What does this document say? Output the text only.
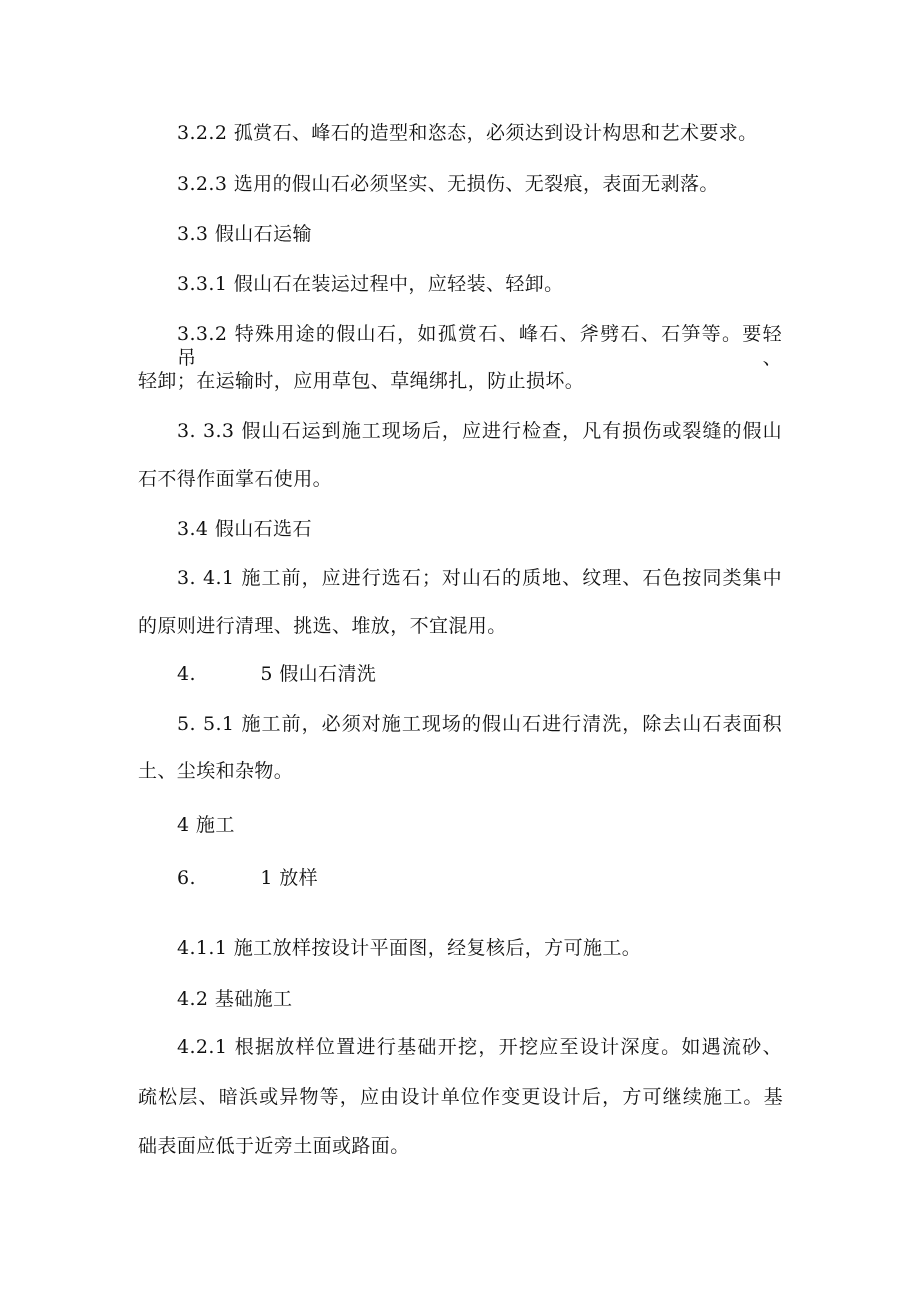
3.2.2 孤赏石、峰石的造型和恣态，必须达到设计构思和艺术要求。
3.2.3 选用的假山石必须坚实、无损伤、无裂痕，表面无剥落。
3.3 假山石运输
3.3.1 假山石在装运过程中，应轻装、轻卸。
3.3.2 特殊用途的假山石，如孤赏石、峰石、斧劈石、石笋等。要轻吊、
轻卸；在运输时，应用草包、草绳绑扎，防止损坏。
3. 3.3 假山石运到施工现场后，应进行检查，凡有损伤或裂缝的假山
石不得作面掌石使用。
3.4 假山石选石
3. 4.1 施工前，应进行选石；对山石的质地、纹理、石色按同类集中
的原则进行清理、挑选、堆放，不宜混用。
4.          5 假山石清洗
5. 5.1 施工前，必须对施工现场的假山石进行清洗，除去山石表面积
土、尘埃和杂物。
4 施工
6.          1 放样
4.1.1 施工放样按设计平面图，经复核后，方可施工。
4.2 基础施工
4.2.1 根据放样位置进行基础开挖，开挖应至设计深度。如遇流砂、
疏松层、暗浜或异物等，应由设计单位作变更设计后，方可继续施工。基
础表面应低于近旁土面或路面。
